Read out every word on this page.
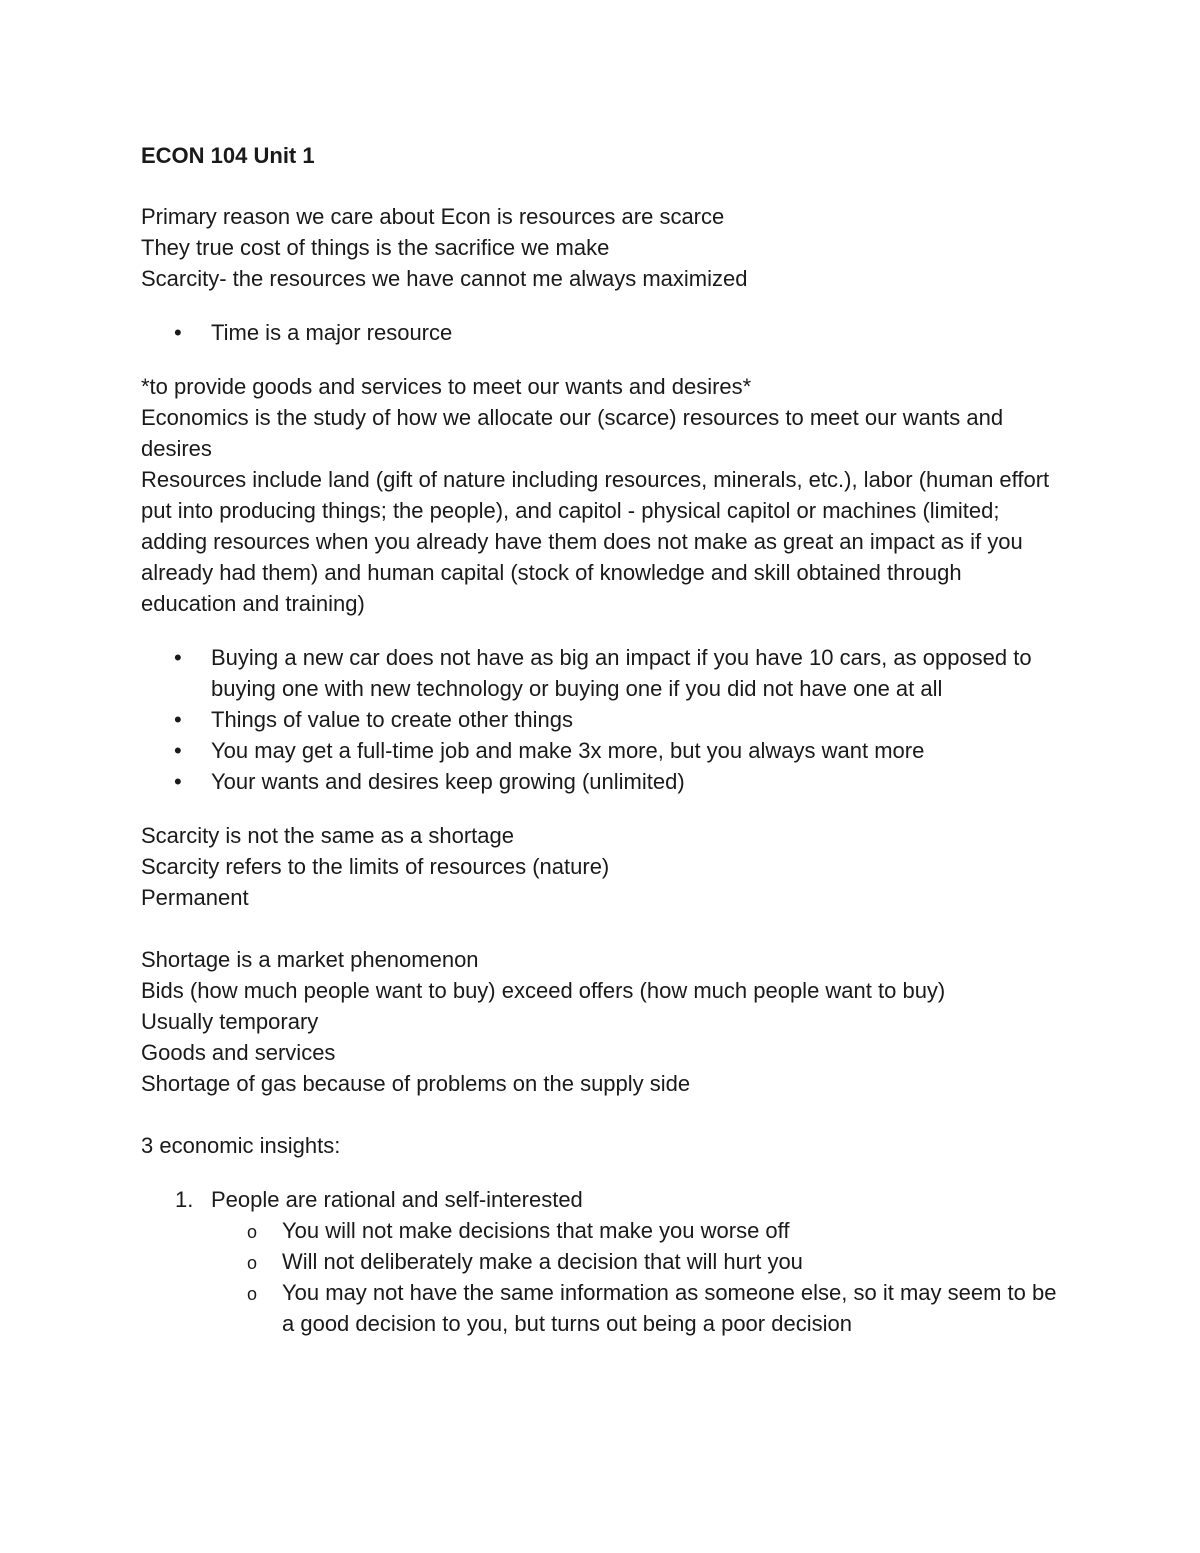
ECON 104 Unit 1

Primary reason we care about Econ is resources are scarce

They true cost of things is the sacrifice we make

Scarcity- the resources we have cannot me always maximized

•	Time is a major resource

*to provide goods and services to meet our wants and desires*

Economics is the study of how we allocate our (scarce) resources to meet our wants and desires

Resources include land (gift of nature including resources, minerals, etc.), labor (human effort put into producing things; the people), and capitol - physical capitol or machines (limited; adding resources when you already have them does not make as great an impact as if you already had them) and human capital (stock of knowledge and skill obtained through education and training)

•	Buying a new car does not have as big an impact if you have 10 cars, as opposed to buying one with new technology or buying one if you did not have one at all
•	Things of value to create other things
•	You may get a full-time job and make 3x more, but you always want more
•	Your wants and desires keep growing (unlimited)

Scarcity is not the same as a shortage

Scarcity refers to the limits of resources (nature)

Permanent

Shortage is a market phenomenon

Bids (how much people want to buy) exceed offers (how much people want to buy)

Usually temporary

Goods and services

Shortage of gas because of problems on the supply side

3 economic insights:

1. People are rational and self-interested
o You will not make decisions that make you worse off
o Will not deliberately make a decision that will hurt you
o You may not have the same information as someone else, so it may seem to be a good decision to you, but turns out being a poor decision
